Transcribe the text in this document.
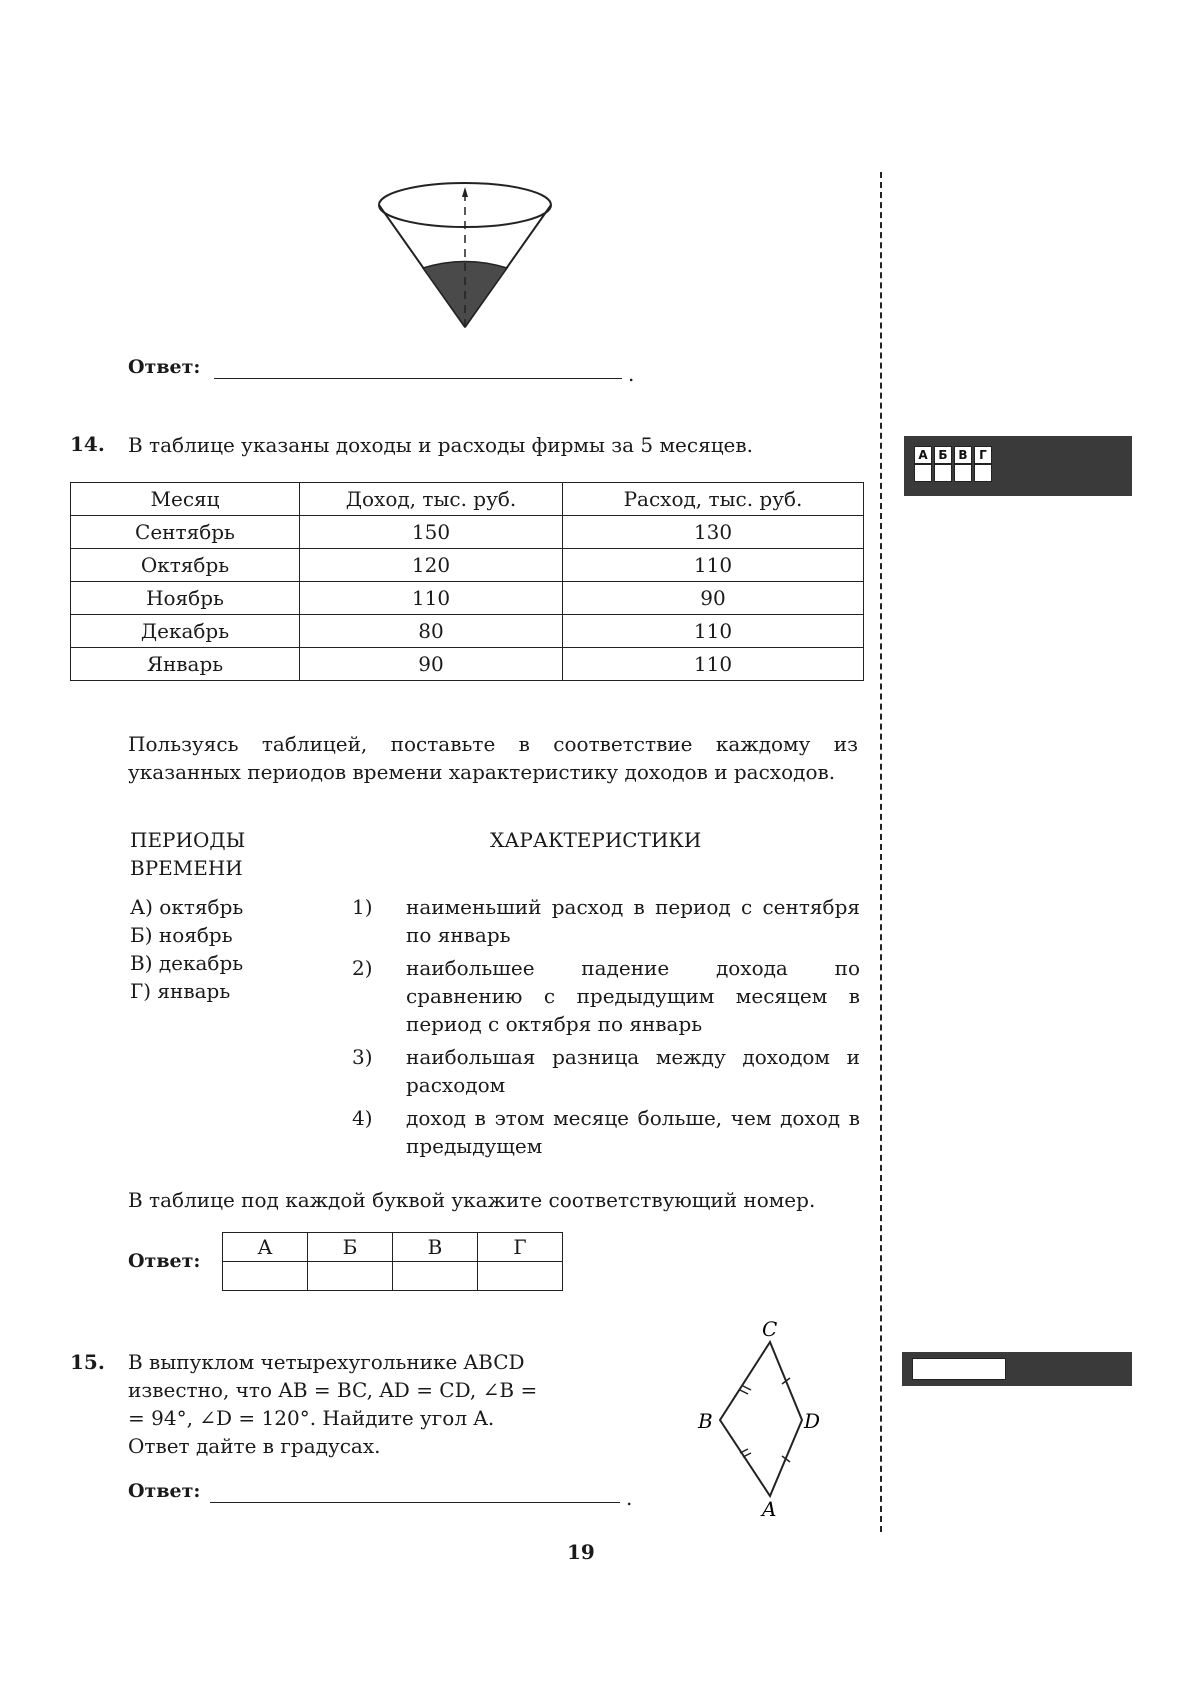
Ответ:	.
14. В таблице указаны доходы и расходы фирмы за 5 месяцев.
Месяц	Доход, тыс. руб.	Расход, тыс. руб.
Сентябрь	150	130
Октябрь	120	110
Ноябрь	110	90
Декабрь	80	110
Январь	90	110
Пользуясь таблицей, поставьте в соответствие каждому из указанных периодов времени характеристику доходов и расходов.
ПЕРИОДЫ
ВРЕМЕНИ
ХАРАКТЕРИСТИКИ
А) октябрь
Б) ноябрь
В) декабрь
Г) январь
1)	наименьший расход в период с сентября по январь
2)	наибольшее падение дохода по сравнению с предыдущим месяцем в период с октября по январь
3)	наибольшая разница между доходом и расходом
4)	доход в этом месяце больше, чем доход в предыдущем
В таблице под каждой буквой укажите соответствующий номер.
Ответ:
А	Б	В	Г

15. В выпуклом четырехугольнике ABCD
известно, что AB = BC, AD = CD, ∠B =
= 94°, ∠D = 120°. Найдите угол A.
Ответ дайте в градусах.
Ответ:	.
C
B	D
A
19
А Б В Г
